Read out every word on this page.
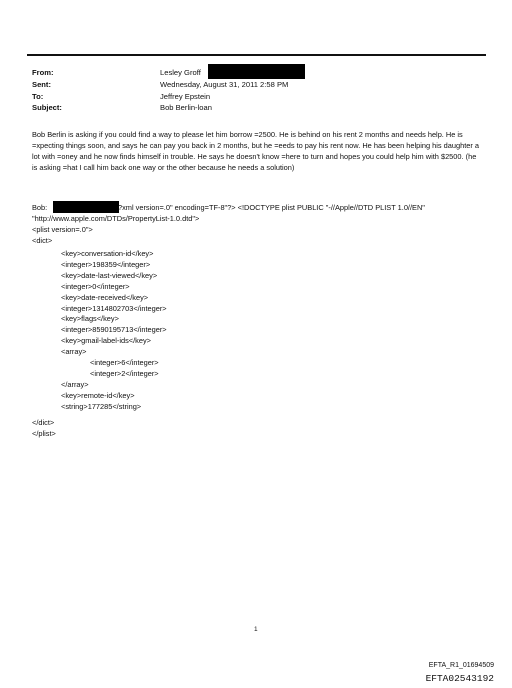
From:	Lesley Groff
Sent:	Wednesday, August 31, 2011 2:58 PM
To:	Jeffrey Epstein
Subject:	Bob Berlin-loan

Bob Berlin is asking if you could find a way to please let him borrow =2500. He is behind on his rent 2 months and needs help. He is =xpecting things soon, and says he can pay you back in 2 months, but he =eeds to pay his rent now. He has been helping his daughter a lot with =oney and he now finds himself in trouble. He says he doesn't know =here to turn and hopes you could help him with $2500. (he is asking =hat I call him back one way or the other because he needs a solution)

Bob:	?xml version=.0" encoding=TF-8"?> <!DOCTYPE plist PUBLIC "-//Apple//DTD PLIST 1.0//EN"
"http://www.apple.com/DTDs/PropertyList-1.0.dtd">
<plist version=.0">
<dict>
<key>conversation-id</key>
<integer>198359</integer>
<key>date-last-viewed</key>
<integer>0</integer>
<key>date-received</key>
<integer>1314802703</integer>
<key>flags</key>
<integer>8590195713</integer>
<key>gmail-label-ids</key>
<array>
<integer>6</integer>
<integer>2</integer>
</array>
<key>remote-id</key>
<string>177285</string>
</dict>
</plist>
1
EFTA_R1_01694509
EFTA02543192
